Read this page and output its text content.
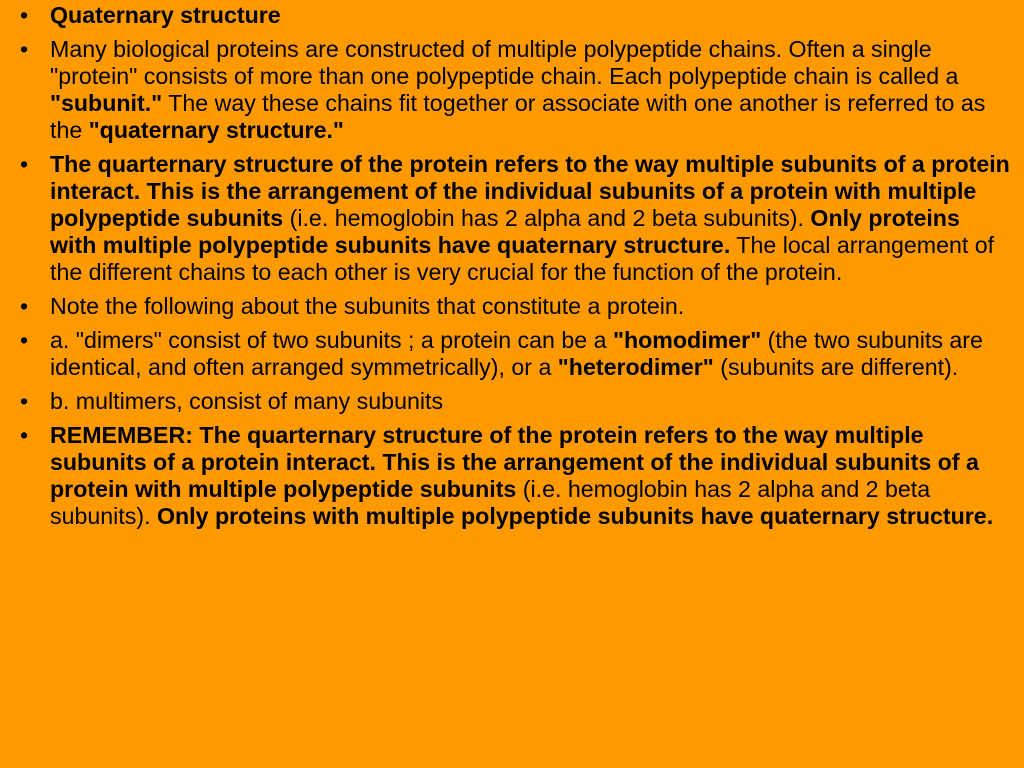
• Quaternary structure
• Many biological proteins are constructed of multiple polypeptide chains. Often a single "protein" consists of more than one polypeptide chain. Each polypeptide chain is called a "subunit." The way these chains fit together or associate with one another is referred to as the "quaternary structure."
• The quarternary structure of the protein refers to the way multiple subunits of a protein interact. This is the arrangement of the individual subunits of a protein with multiple polypeptide subunits (i.e. hemoglobin has 2 alpha and 2 beta subunits). Only proteins with multiple polypeptide subunits have quaternary structure. The local arrangement of the different chains to each other is very crucial for the function of the protein.
• Note the following about the subunits that constitute a protein.
• a. "dimers" consist of two subunits ; a protein can be a "homodimer" (the two subunits are identical, and often arranged symmetrically), or a "heterodimer" (subunits are different).
• b. multimers, consist of many subunits
• REMEMBER: The quarternary structure of the protein refers to the way multiple subunits of a protein interact. This is the arrangement of the individual subunits of a protein with multiple polypeptide subunits (i.e. hemoglobin has 2 alpha and 2 beta subunits). Only proteins with multiple polypeptide subunits have quaternary structure.
